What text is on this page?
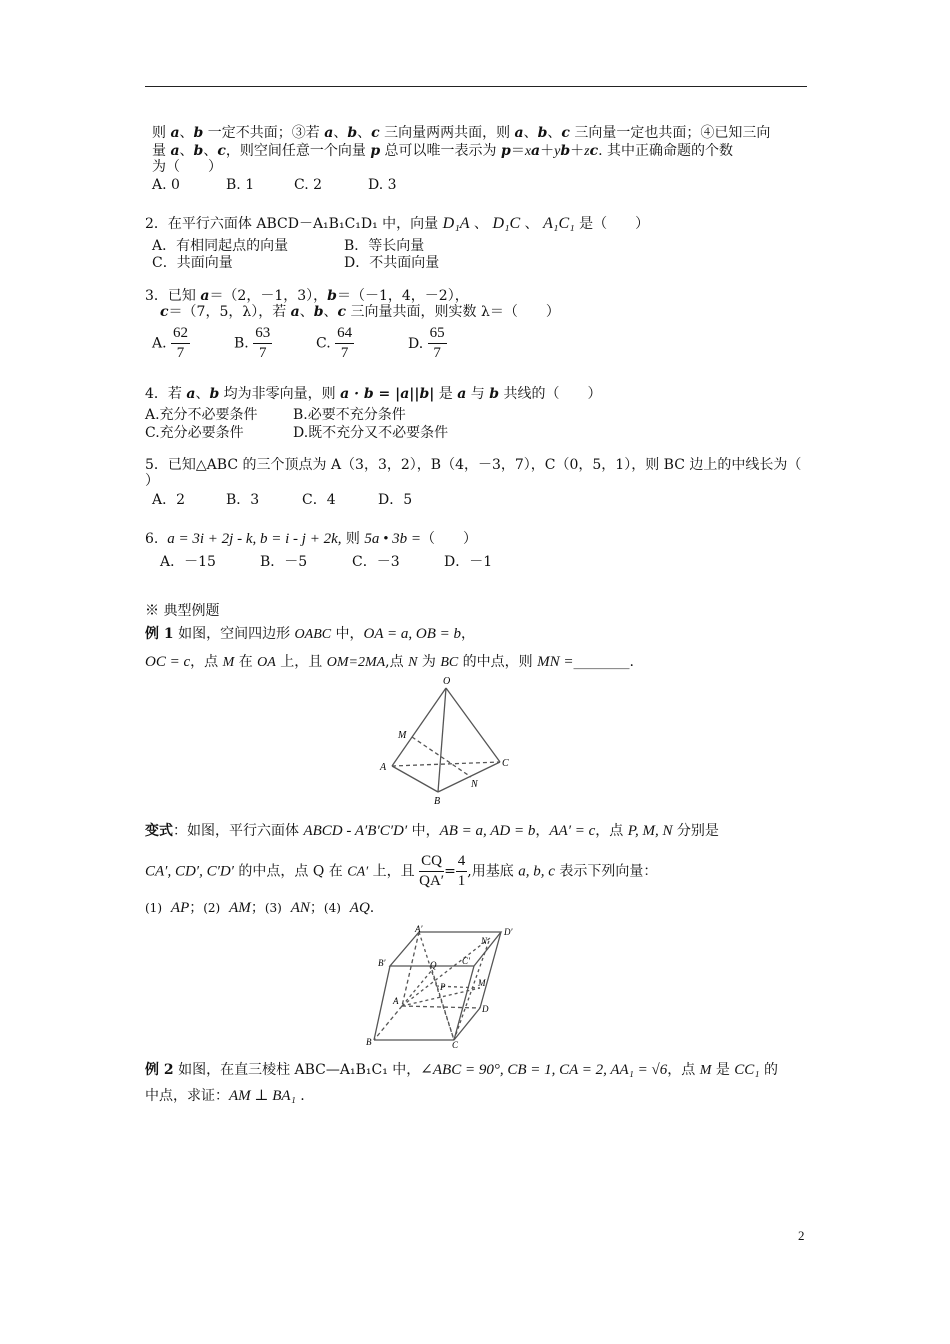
则 a、b 一定不共面；③若 a、b、c 三向量两两共面，则 a、b、c 三向量一定也共面；④已知三向
量 a、b、c，则空间任意一个向量 p 总可以唯一表示为 p＝xa＋yb＋zc. 其中正确命题的个数
为（　　）
A. 0	B. 1	C. 2	D. 3
2．在平行六面体 ABCD－A₁B₁C₁D₁ 中，向量 D₁A 、 D₁C 、 A₁C₁ 是（　　）
A．有相同起点的向量	B．等长向量
C．共面向量	D．不共面向量
3．已知 a＝（2，－1，3），b＝（－1，4，－2），
c＝（7，5，λ），若 a、b、c 三向量共面，则实数 λ＝（　　）
A. $\frac{62}{7}$	B. $\frac{63}{7}$	C. $\frac{64}{7}$	D. $\frac{65}{7}$
4．若 a、b 均为非零向量，则 a · b = |a||b| 是 a 与 b 共线的（　　）
A.充分不必要条件	B.必要不充分条件
C.充分必要条件	D.既不充分又不必要条件
5．已知△ABC 的三个顶点为 A（3，3，2），B（4，－3，7），C（0，5，1），则 BC 边上的中线长为（
）
A．2	B．3	C．4	D．5
6. a = 3i + 2j - k, b = i - j + 2k, 则 5a • 3b =（　　）
A．－15	B．－5	C．－3	D．－1
※ 典型例题
例 1 如图，空间四边形 OABC 中，OA = a, OB = b，
OC = c，点 M 在 OA 上，且 OM=2MA,点 N 为 BC 的中点，则 MN =________.
O
M
A
B
N
C
变式：如图，平行六面体 ABCD - A′B′C′D′ 中，AB = a, AD = b，AA′ = c，点 P, M, N 分别是
CA′, CD′, C′D′ 的中点，点 Q 在 CA′ 上，且 $\frac{CQ}{QA'} = \frac{4}{1}$ ,用基底 a, b, c 表示下列向量：
(1) AP；(2) AM；(3) AN；(4) AQ.
A′	D′
B′	C′
N
Q
P	M
A
D
B	C
例 2 如图，在直三棱柱 ABC—A₁B₁C₁ 中，∠ABC = 90°, CB = 1, CA = 2, AA₁ = √6，点 M 是 CC₁ 的
中点，求证：AM ⊥ BA₁ .
2
